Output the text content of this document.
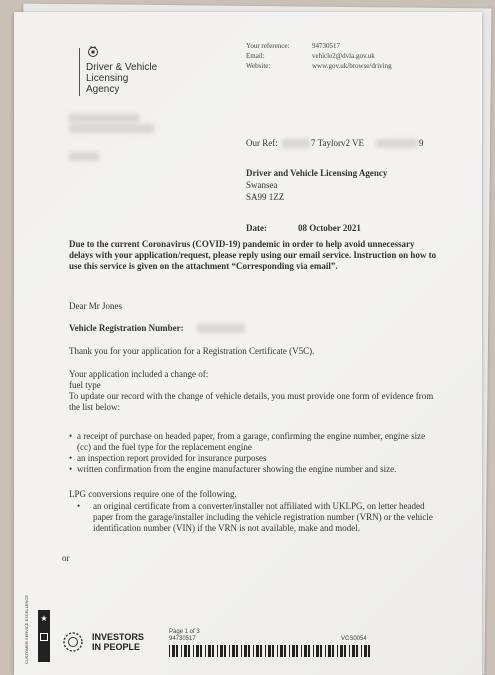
Driver & Vehicle
Licensing
Agency
Your reference:	94730517
Email:	vehicle2@dvla.gov.uk
Website:	www.gov.uk/browse/driving
Our Ref:	7 Taylorv2 VE	9
Driver and Vehicle Licensing Agency
Swansea
SA99 1ZZ
Date:	08 October 2021
Due to the current Coronavirus (COVID-19) pandemic in order to help avoid unnecessary delays with your application/request, please reply using our email service. Instruction on how to use this service is given on the attachment “Corresponding via email”.
Dear Mr Jones
Vehicle Registration Number:
Thank you for your application for a Registration Certificate (V5C).
Your application included a change of:
fuel type
To update our record with the change of vehicle details, you must provide one form of evidence from the list below:
• a receipt of purchase on headed paper, from a garage, confirming the engine number, engine size (cc) and the fuel type for the replacement engine
• an inspection report provided for insurance purposes
• written confirmation from the engine manufacturer showing the engine number and size.
LPG conversions require one of the following.
• an original certificate from a converter/installer not affiliated with UKLPG, on letter headed paper from the garage/installer including the vehicle registration number (VRN) or the vehicle identification number (VIN) if the VRN is not available, make and model.
or
CUSTOMER SERVICE EXCELLENCE	★
INVESTORS
IN PEOPLE
Page 1 of 3
94730517	VCS0054
